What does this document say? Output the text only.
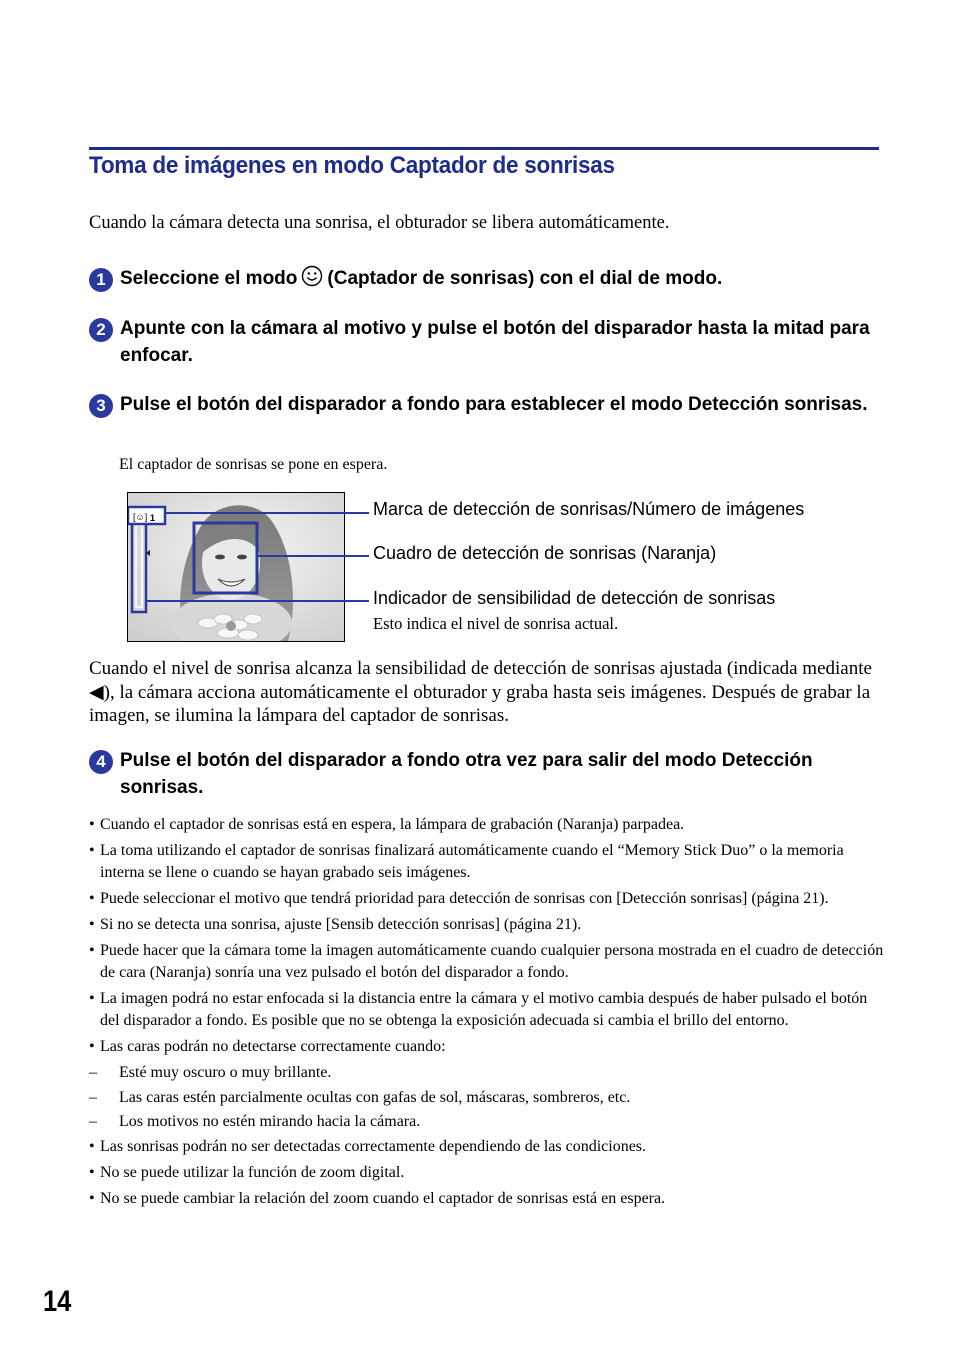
Toma de imágenes en modo Captador de sonrisas
Cuando la cámara detecta una sonrisa, el obturador se libera automáticamente.
1 Seleccione el modo (Captador de sonrisas) con el dial de modo.
2 Apunte con la cámara al motivo y pulse el botón del disparador hasta la mitad para enfocar.
3 Pulse el botón del disparador a fondo para establecer el modo Detección sonrisas.
El captador de sonrisas se pone en espera.
[☺] 1	Marca de detección de sonrisas/Número de imágenes
Cuadro de detección de sonrisas (Naranja)
Indicador de sensibilidad de detección de sonrisas
Esto indica el nivel de sonrisa actual.
Cuando el nivel de sonrisa alcanza la sensibilidad de detección de sonrisas ajustada (indicada mediante ◀), la cámara acciona automáticamente el obturador y graba hasta seis imágenes. Después de grabar la imagen, se ilumina la lámpara del captador de sonrisas.
4 Pulse el botón del disparador a fondo otra vez para salir del modo Detección sonrisas.
• Cuando el captador de sonrisas está en espera, la lámpara de grabación (Naranja) parpadea.
• La toma utilizando el captador de sonrisas finalizará automáticamente cuando el “Memory Stick Duo” o la memoria interna se llene o cuando se hayan grabado seis imágenes.
• Puede seleccionar el motivo que tendrá prioridad para detección de sonrisas con [Detección sonrisas] (página 21).
• Si no se detecta una sonrisa, ajuste [Sensib detección sonrisas] (página 21).
• Puede hacer que la cámara tome la imagen automáticamente cuando cualquier persona mostrada en el cuadro de detección de cara (Naranja) sonría una vez pulsado el botón del disparador a fondo.
• La imagen podrá no estar enfocada si la distancia entre la cámara y el motivo cambia después de haber pulsado el botón del disparador a fondo. Es posible que no se obtenga la exposición adecuada si cambia el brillo del entorno.
• Las caras podrán no detectarse correctamente cuando:
– Esté muy oscuro o muy brillante.
– Las caras estén parcialmente ocultas con gafas de sol, máscaras, sombreros, etc.
– Los motivos no estén mirando hacia la cámara.
• Las sonrisas podrán no ser detectadas correctamente dependiendo de las condiciones.
• No se puede utilizar la función de zoom digital.
• No se puede cambiar la relación del zoom cuando el captador de sonrisas está en espera.
14
